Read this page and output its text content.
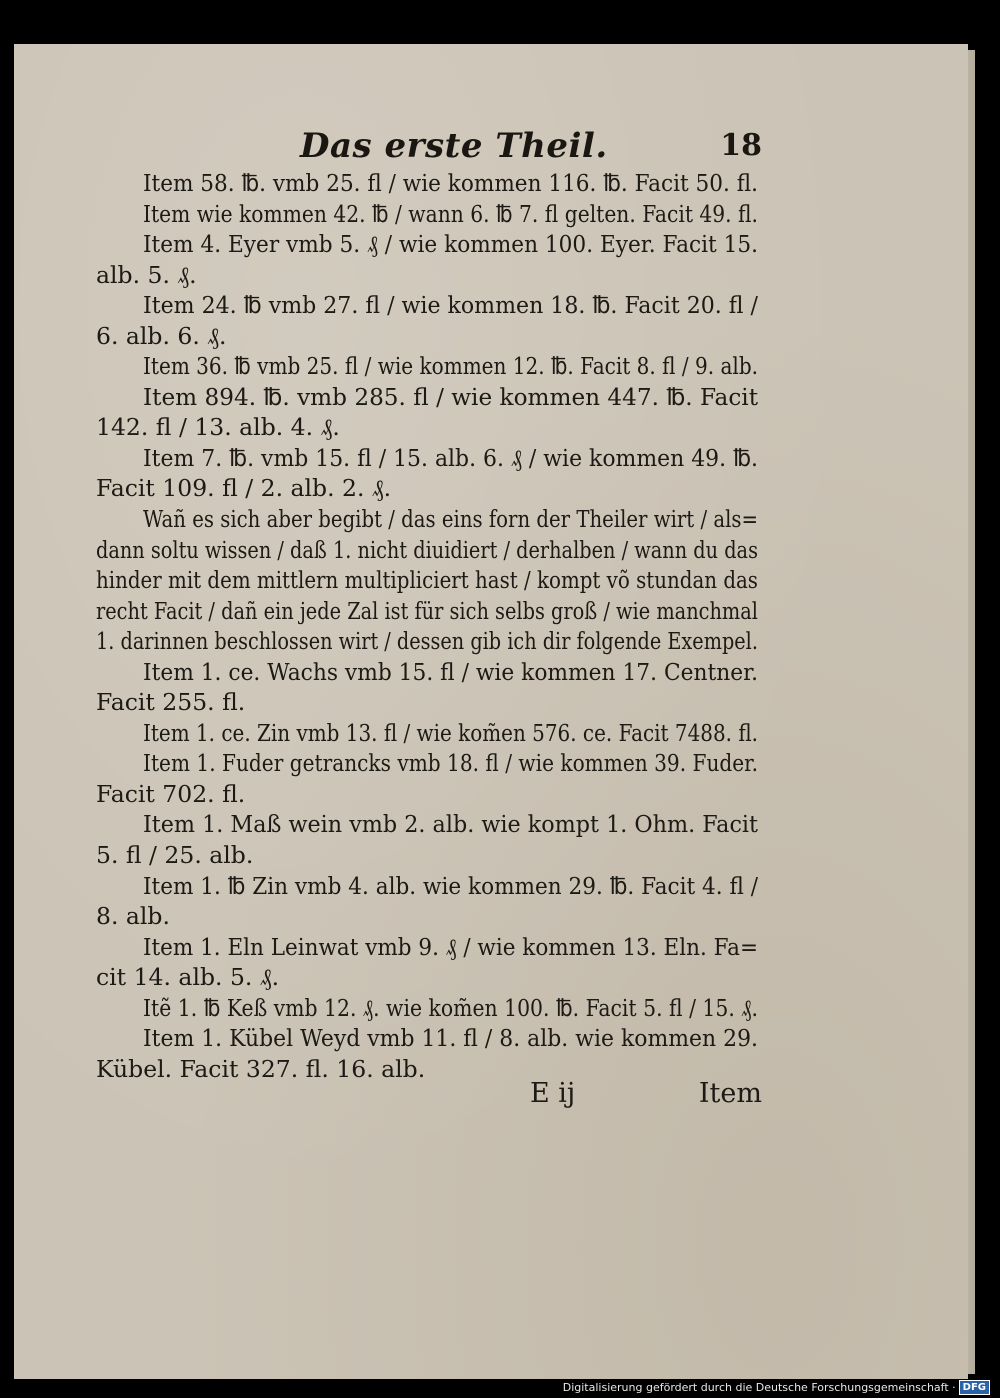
Das erste Theil.	18
Item 58. ℔. vmb 25. fl / wie kommen 116. ℔. Facit 50. fl.
Item wie kommen 42. ℔ / wann 6. ℔ 7. fl gelten. Facit 49. fl.
Item 4. Eyer vmb 5. ₰ / wie kommen 100. Eyer. Facit 15.
alb. 5. ₰.
Item 24. ℔ vmb 27. fl / wie kommen 18. ℔. Facit 20. fl /
6. alb. 6. ₰.
Item 36. ℔ vmb 25. fl / wie kommen 12. ℔. Facit 8. fl / 9. alb.
Item 894. ℔. vmb 285. fl / wie kommen 447. ℔. Facit
142. fl / 13. alb. 4. ₰.
Item 7. ℔. vmb 15. fl / 15. alb. 6. ₰ / wie kommen 49. ℔.
Facit 109. fl / 2. alb. 2. ₰.
Wañ es sich aber begibt / das eins forn der Theiler wirt / als=
dann soltu wissen / daß 1. nicht diuidiert / derhalben / wann du das
hinder mit dem mittlern multipliciert hast / kompt võ stundan das
recht Facit / dañ ein jede Zal ist für sich selbs groß / wie manchmal
1. darinnen beschlossen wirt / dessen gib ich dir folgende Exempel.
Item 1. ce. Wachs vmb 15. fl / wie kommen 17. Centner.
Facit 255. fl.
Item 1. ce. Zin vmb 13. fl / wie kom̃en 576. ce. Facit 7488. fl.
Item 1. Fuder getrancks vmb 18. fl / wie kommen 39. Fuder.
Facit 702. fl.
Item 1. Maß wein vmb 2. alb. wie kompt 1. Ohm. Facit
5. fl / 25. alb.
Item 1. ℔ Zin vmb 4. alb. wie kommen 29. ℔. Facit 4. fl /
8. alb.
Item 1. Eln Leinwat vmb 9. ₰ / wie kommen 13. Eln. Fa=
cit 14. alb. 5. ₰.
Itẽ 1. ℔ Keß vmb 12. ₰. wie kom̃en 100. ℔. Facit 5. fl / 15. ₰.
Item 1. Kübel Weyd vmb 11. fl / 8. alb. wie kommen 29.
Kübel. Facit 327. fl. 16. alb.
E ij	Item
Digitalisierung gefördert durch die Deutsche Forschungsgemeinschaft · DFG
